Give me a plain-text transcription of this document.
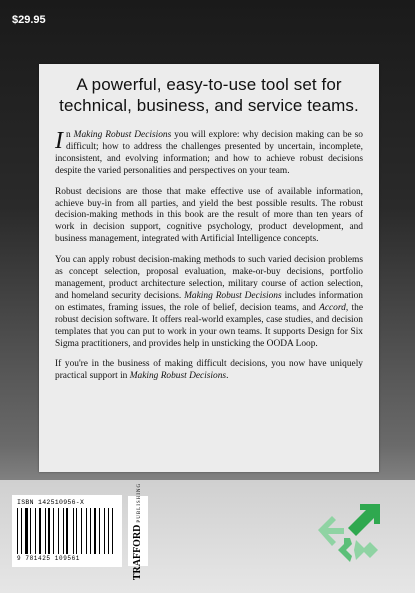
$29.95
A powerful, easy-to-use tool set for technical, business, and service teams.

In Making Robust Decisions you will explore: why decision making can be so difficult; how to address the challenges presented by uncertain, incomplete, inconsistent, and evolving information; and how to achieve robust decisions despite the varied personalities and perspectives on your team.

Robust decisions are those that make effective use of available information, achieve buy-in from all parties, and yield the best possible results. The robust decision-making methods in this book are the result of more than ten years of work in decision support, cognitive psychology, product development, and business management, integrated with Artificial Intelligence concepts.

You can apply robust decision-making methods to such varied decision problems as concept selection, proposal evaluation, make-or-buy decisions, portfolio management, product architecture selection, military course of action selection, and homeland security decisions. Making Robust Decisions includes information on estimates, framing issues, the role of belief, decision teams, and Accord, the robust decision software. It offers real-world examples, case studies, and decision templates that you can put to work in your own teams. It supports Design for Six Sigma practitioners, and provides help in unsticking the OODA Loop.

If you're in the business of making difficult decisions, you now have uniquely practical support in Making Robust Decisions.

ISBN 142510956-X
9 781425 109561	TRAFFORDPUBLISHING
